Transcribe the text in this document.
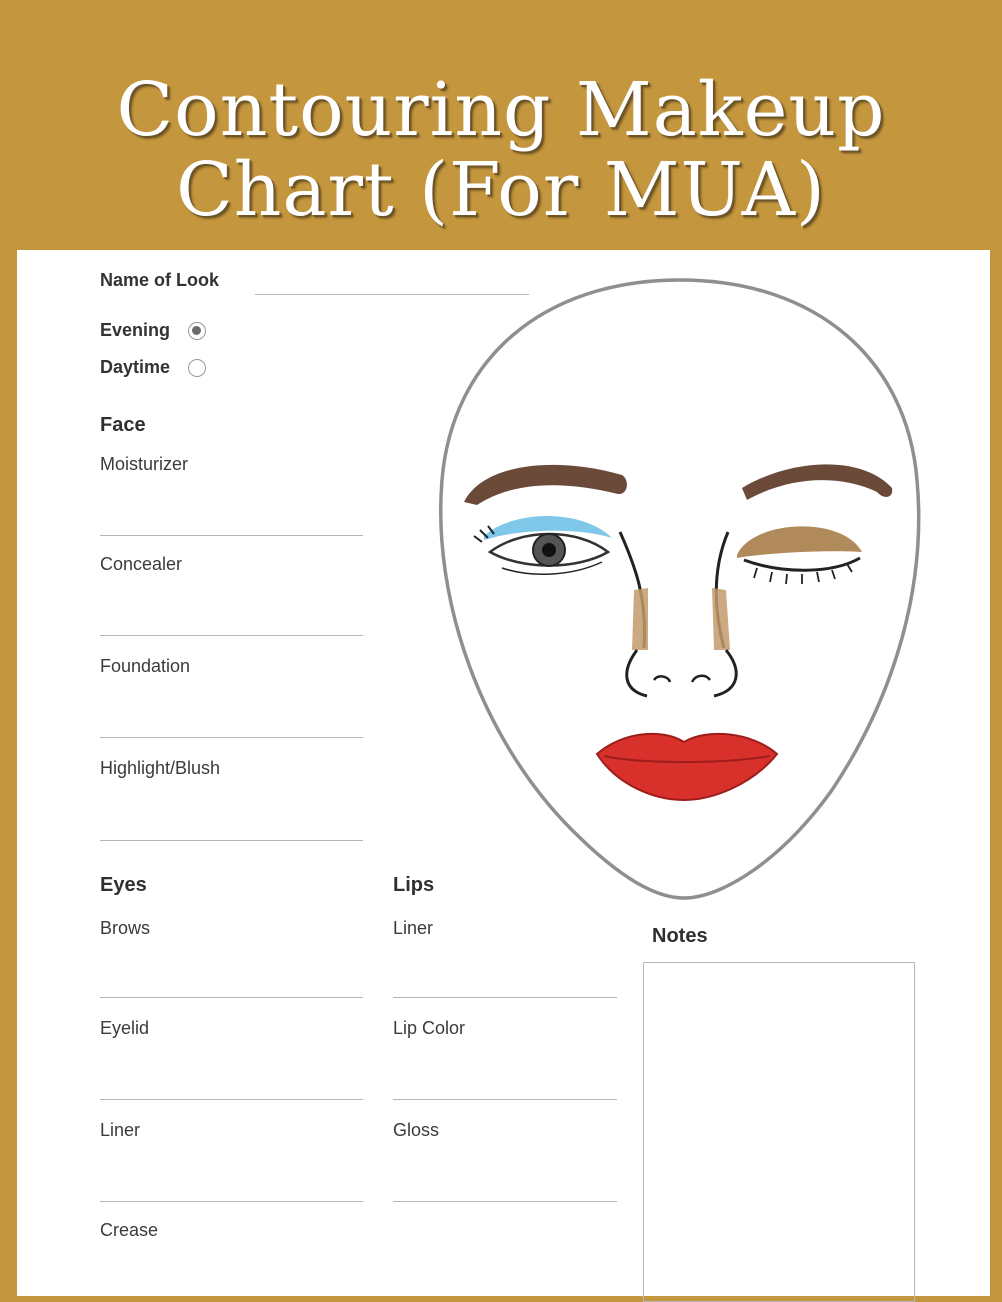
Contouring Makeup
Chart (For MUA)
Name of Look
Evening
Daytime
Face
Moisturizer
Concealer
Foundation
Highlight/Blush
Eyes
Brows
Eyelid
Liner
Crease
Lips
Liner
Lip Color
Gloss
Notes
